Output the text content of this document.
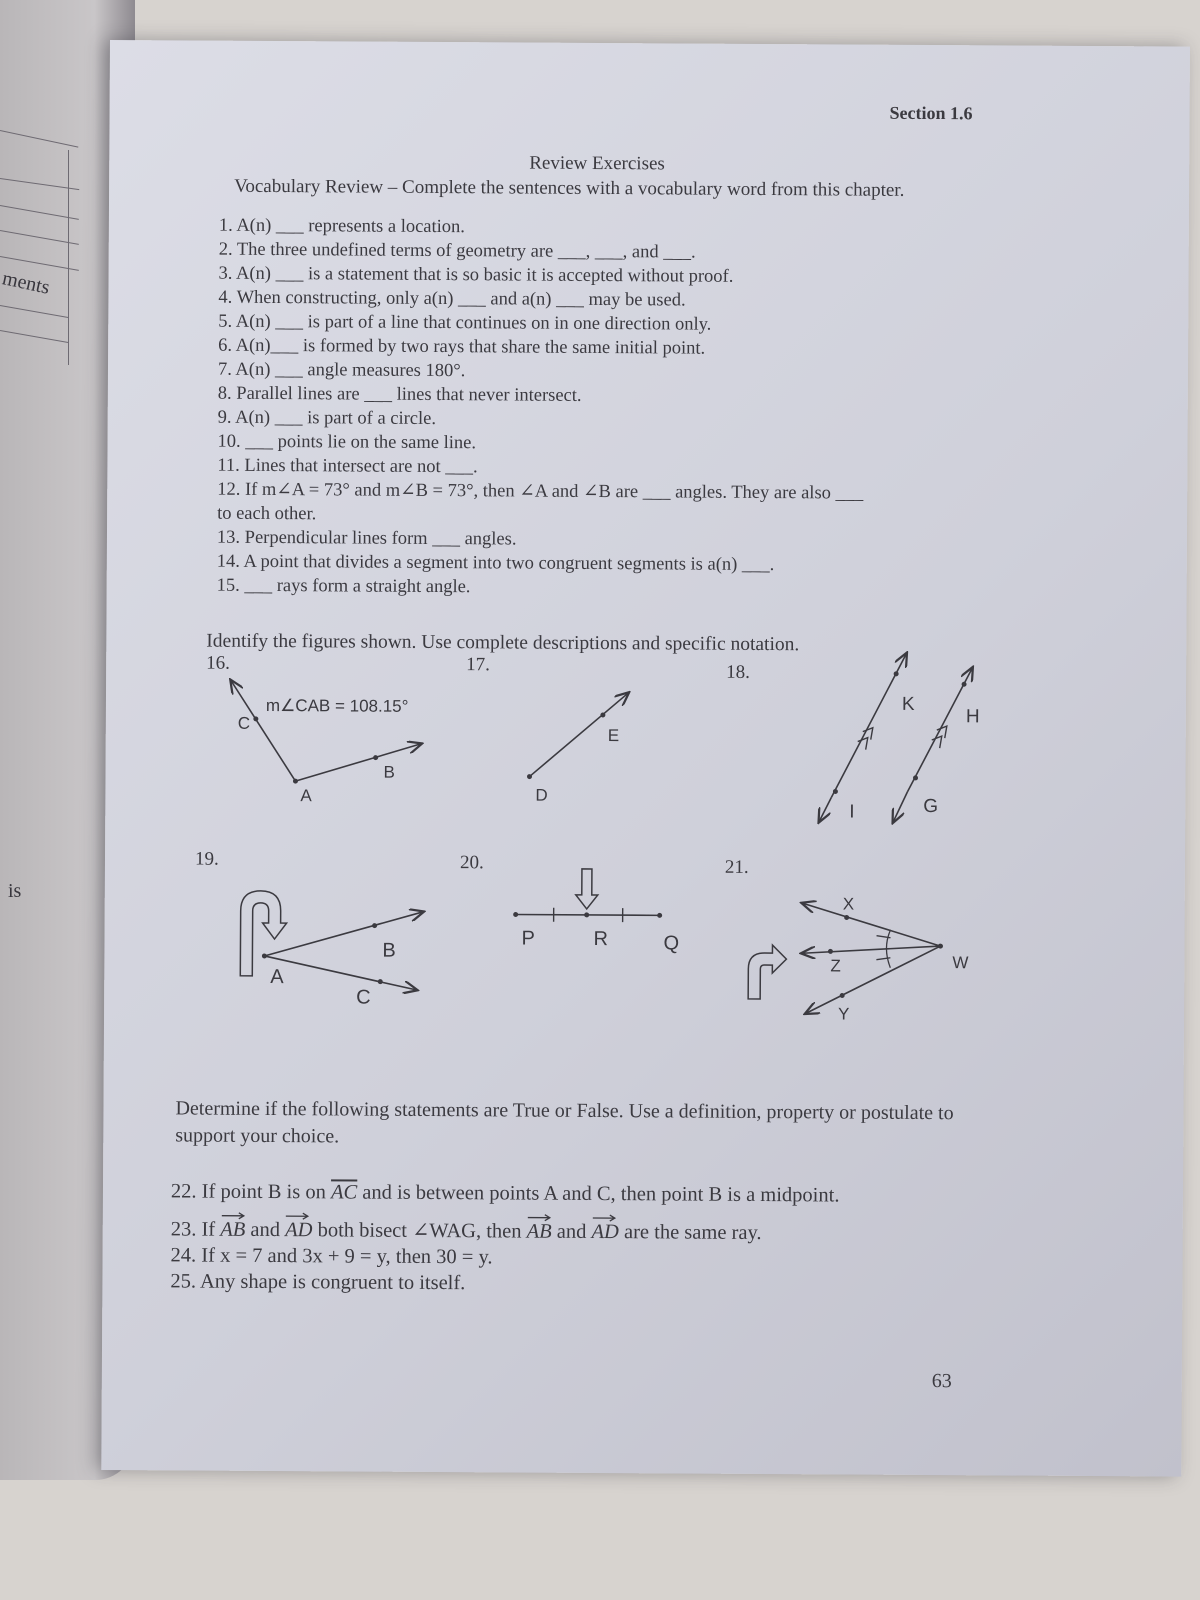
ments
is
Section 1.6
Review Exercises
Vocabulary Review – Complete the sentences with a vocabulary word from this chapter.
1. A(n) ___ represents a location.
2. The three undefined terms of geometry are ___, ___, and ___.
3. A(n) ___ is a statement that is so basic it is accepted without proof.
4. When constructing, only a(n) ___ and a(n) ___ may be used.
5. A(n) ___ is part of a line that continues on in one direction only.
6. A(n)___ is formed by two rays that share the same initial point.
7. A(n) ___ angle measures 180°.
8. Parallel lines are ___ lines that never intersect.
9. A(n) ___ is part of a circle.
10. ___ points lie on the same line.
11. Lines that intersect are not ___.
12. If m∠A = 73° and m∠B = 73°, then ∠A and ∠B are ___ angles. They are also ___
to each other.
13. Perpendicular lines form ___ angles.
14. A point that divides a segment into two congruent segments is a(n) ___.
15. ___ rays form a straight angle.
Identify the figures shown. Use complete descriptions and specific notation.
16.	17.	18.
19.	20.	21.
m∠CAB = 108.15°
C
A
B
D
E
K
H
I	G
B
A
C
P	R	Q
X
W
Z
Y
Determine if the following statements are True or False. Use a definition, property or postulate to support your choice.
22. If point B is on $\overline{AC}$ and is between points A and C, then point B is a midpoint.
23. If AB and AD both bisect ∠WAG, then AB and AD are the same ray.
24. If x = 7 and 3x + 9 = y, then 30 = y.
25. Any shape is congruent to itself.
63
